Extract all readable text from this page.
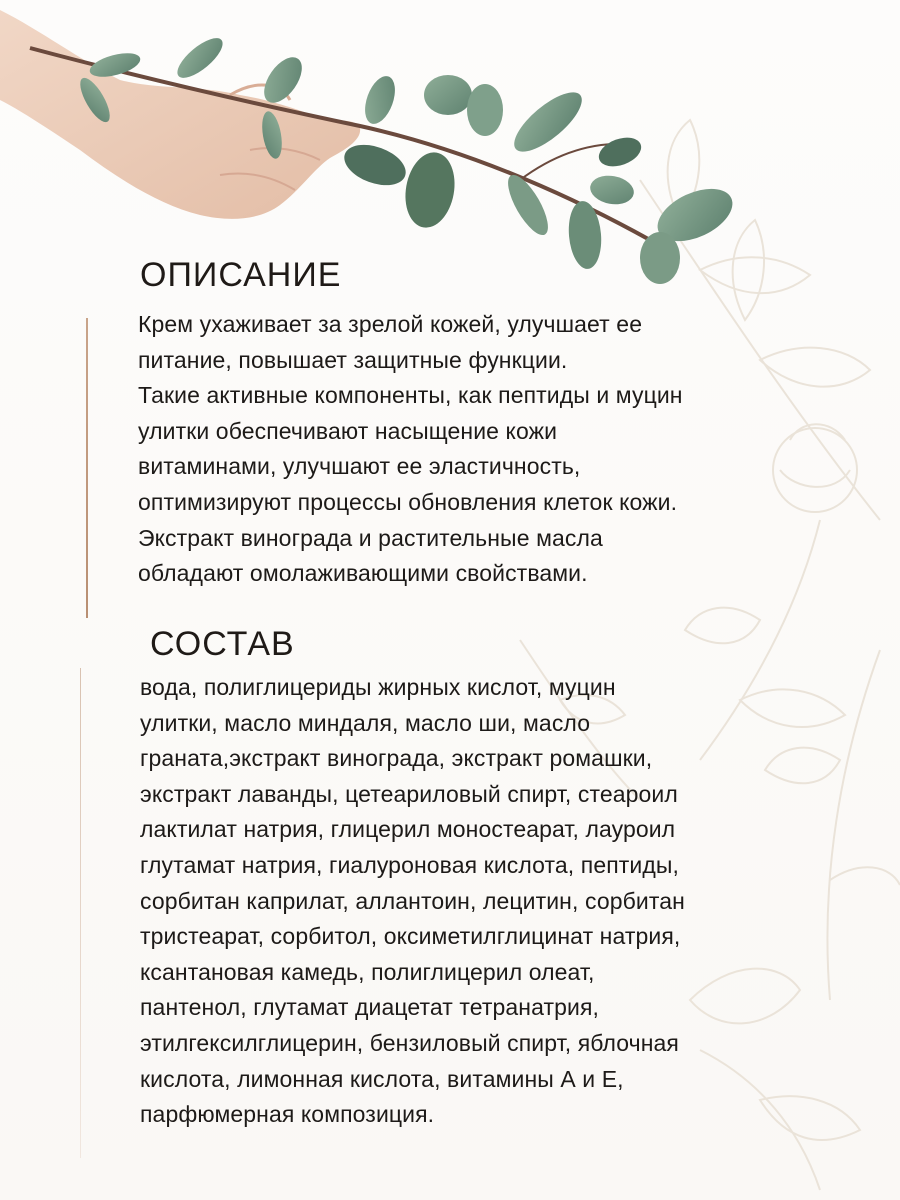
ОПИСАНИЕ

Крем ухаживает за зрелой кожей, улучшает ее
питание, повышает защитные функции.
Такие активные компоненты, как пептиды и муцин
улитки обеспечивают насыщение кожи
витаминами, улучшают ее эластичность,
оптимизируют процессы обновления клеток кожи.
Экстракт винограда и растительные масла
обладают омолаживающими свойствами.

СОСТАВ

вода, полиглицериды жирных кислот, муцин
улитки, масло миндаля, масло ши, масло
граната,экстракт винограда, экстракт ромашки,
экстракт лаванды, цетеариловый спирт, стеароил
лактилат натрия, глицерил моностеарат, лауроил
глутамат натрия, гиалуроновая кислота, пептиды,
сорбитан каприлат, аллантоин, лецитин, сорбитан
тристеарат, сорбитол, оксиметилглицинат натрия,
ксантановая камедь, полиглицерил олеат,
пантенол, глутамат диацетат тетранатрия,
этилгексилглицерин, бензиловый спирт, яблочная
кислота, лимонная кислота, витамины А и Е,
парфюмерная композиция.
